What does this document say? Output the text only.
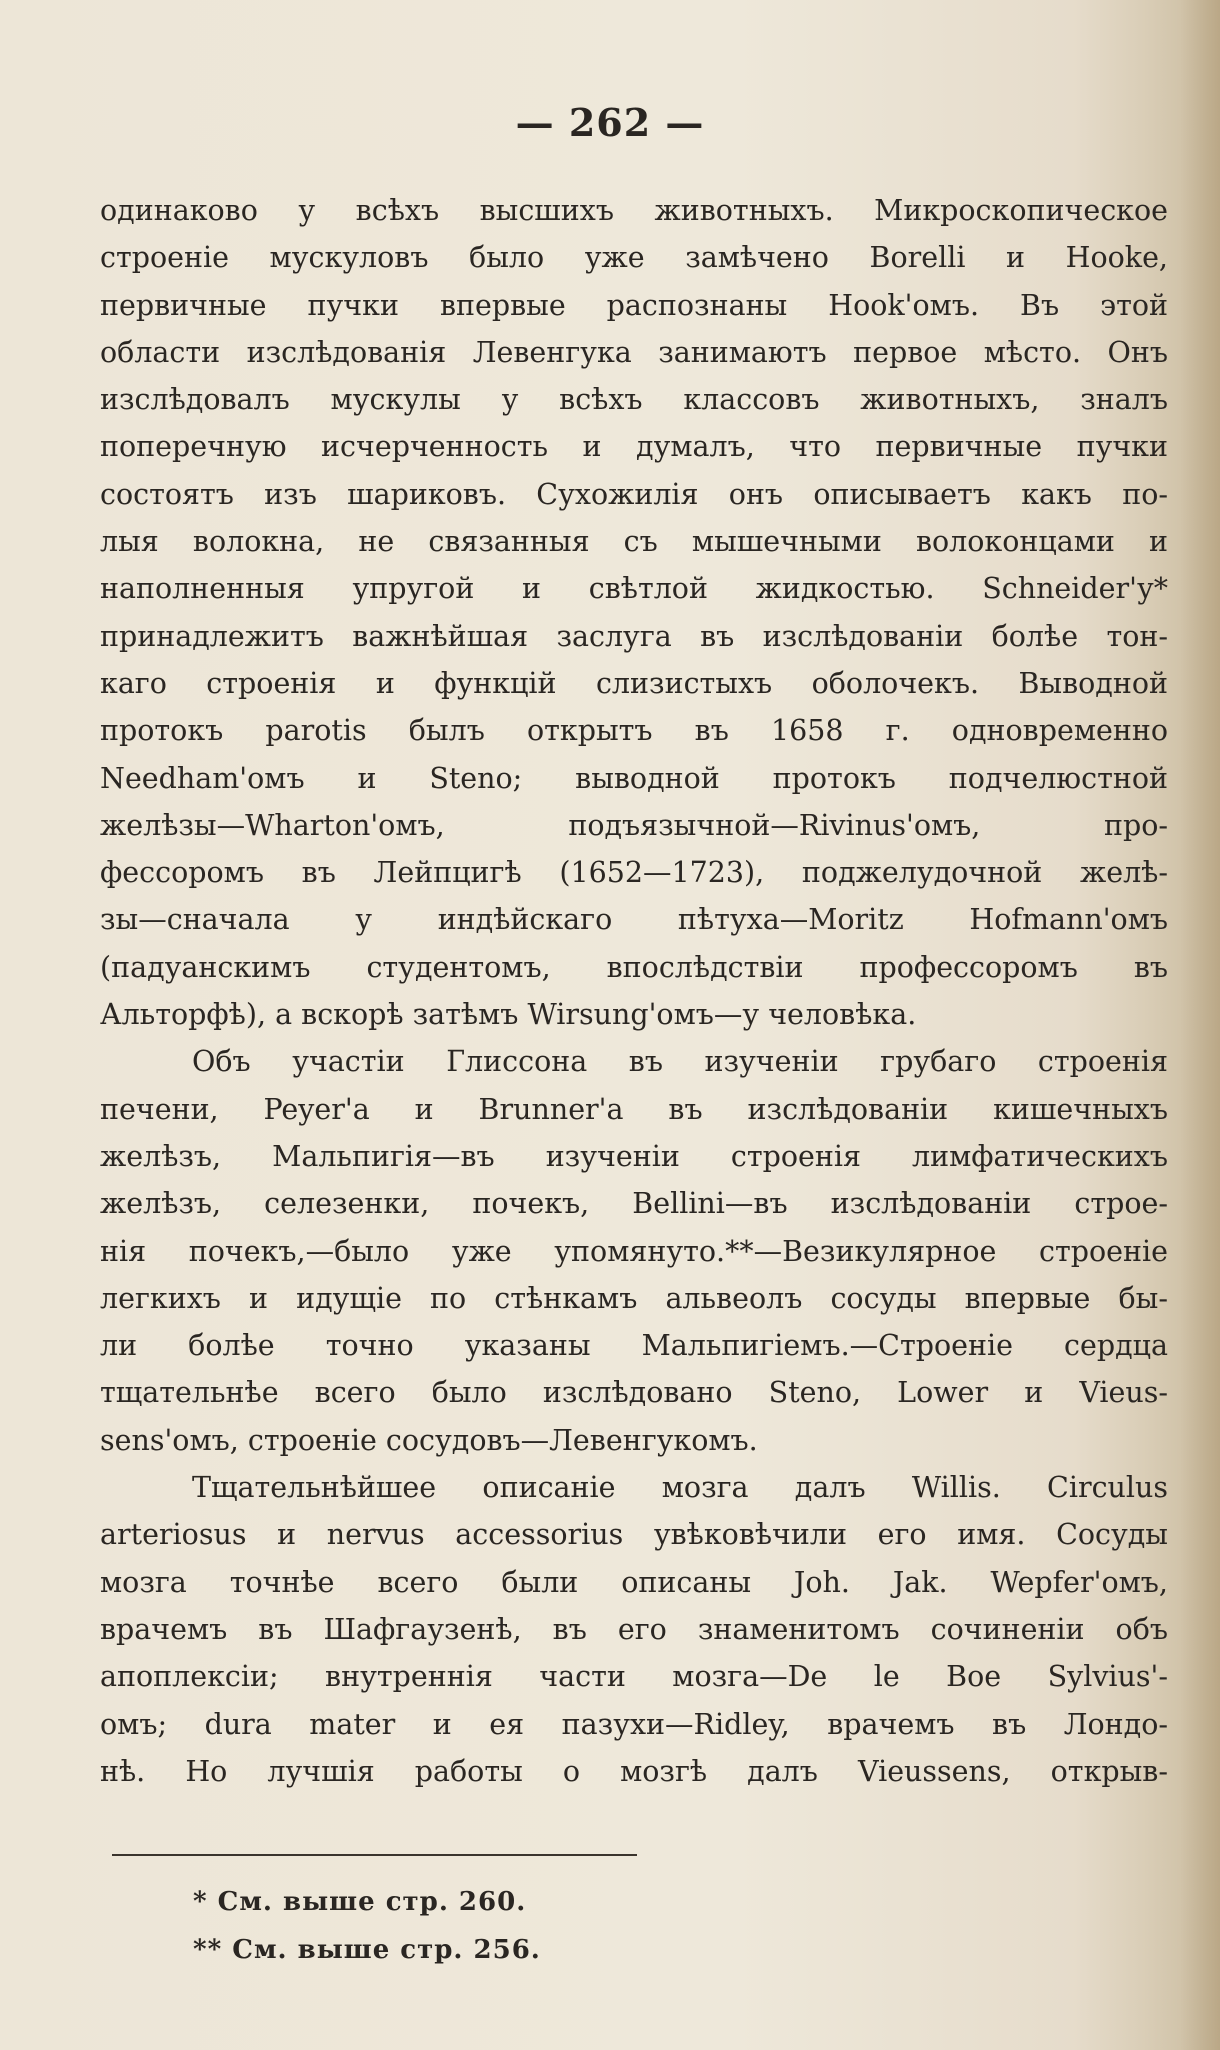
— 262 —
одинаково у всѣхъ высшихъ животныхъ. Микроскопическое
строеніе мускуловъ было уже замѣчено Borelli и Hooke,
первичные пучки впервые распознаны Hook'омъ. Въ этой
области изслѣдованія Левенгука занимаютъ первое мѣсто. Онъ
изслѣдовалъ мускулы у всѣхъ классовъ животныхъ, зналъ
поперечную исчерченность и думалъ, что первичные пучки
состоятъ изъ шариковъ. Сухожилія онъ описываетъ какъ по-
лыя волокна, не связанныя съ мышечными волоконцами и
наполненныя упругой и свѣтлой жидкостью. Schneider'у*
принадлежитъ важнѣйшая заслуга въ изслѣдованіи болѣе тон-
каго строенія и функцій слизистыхъ оболочекъ. Выводной
протокъ parotis былъ открытъ въ 1658 г. одновременно
Needham'омъ и Steno; выводной протокъ подчелюстной
желѣзы—Wharton'омъ, подъязычной—Rivinus'омъ, про-
фессоромъ въ Лейпцигѣ (1652—1723), поджелудочной желѣ-
зы—сначала у индѣйскаго пѣтуха—Moritz Hofmann'омъ
(падуанскимъ студентомъ, впослѣдствіи профессоромъ въ
Альторфѣ), а вскорѣ затѣмъ Wirsung'омъ—у человѣка.
Объ участіи Глиссона въ изученіи грубаго строенія
печени, Peyer'a и Brunner'a въ изслѣдованіи кишечныхъ
желѣзъ, Мальпигія—въ изученіи строенія лимфатическихъ
желѣзъ, селезенки, почекъ, Bellini—въ изслѣдованіи строе-
нія почекъ,—было уже упомянуто.**—Везикулярное строеніе
легкихъ и идущіе по стѣнкамъ альвеолъ сосуды впервые бы-
ли болѣе точно указаны Мальпигіемъ.—Строеніе сердца
тщательнѣе всего было изслѣдовано Steno, Lower и Vieus-
sens'омъ, строеніе сосудовъ—Левенгукомъ.
Тщательнѣйшее описаніе мозга далъ Willis. Circulus
arteriosus и nervus accessorius увѣковѣчили его имя. Сосуды
мозга точнѣе всего были описаны Joh. Jak. Wepfer'омъ,
врачемъ въ Шафгаузенѣ, въ его знаменитомъ сочиненіи объ
апоплексіи; внутреннія части мозга—De le Boe Sylvius'-
омъ; dura mater и ея пазухи—Ridley, врачемъ въ Лондо-
нѣ. Но лучшія работы о мозгѣ далъ Vieussens, открыв-
* См. выше стр. 260.
** См. выше стр. 256.
